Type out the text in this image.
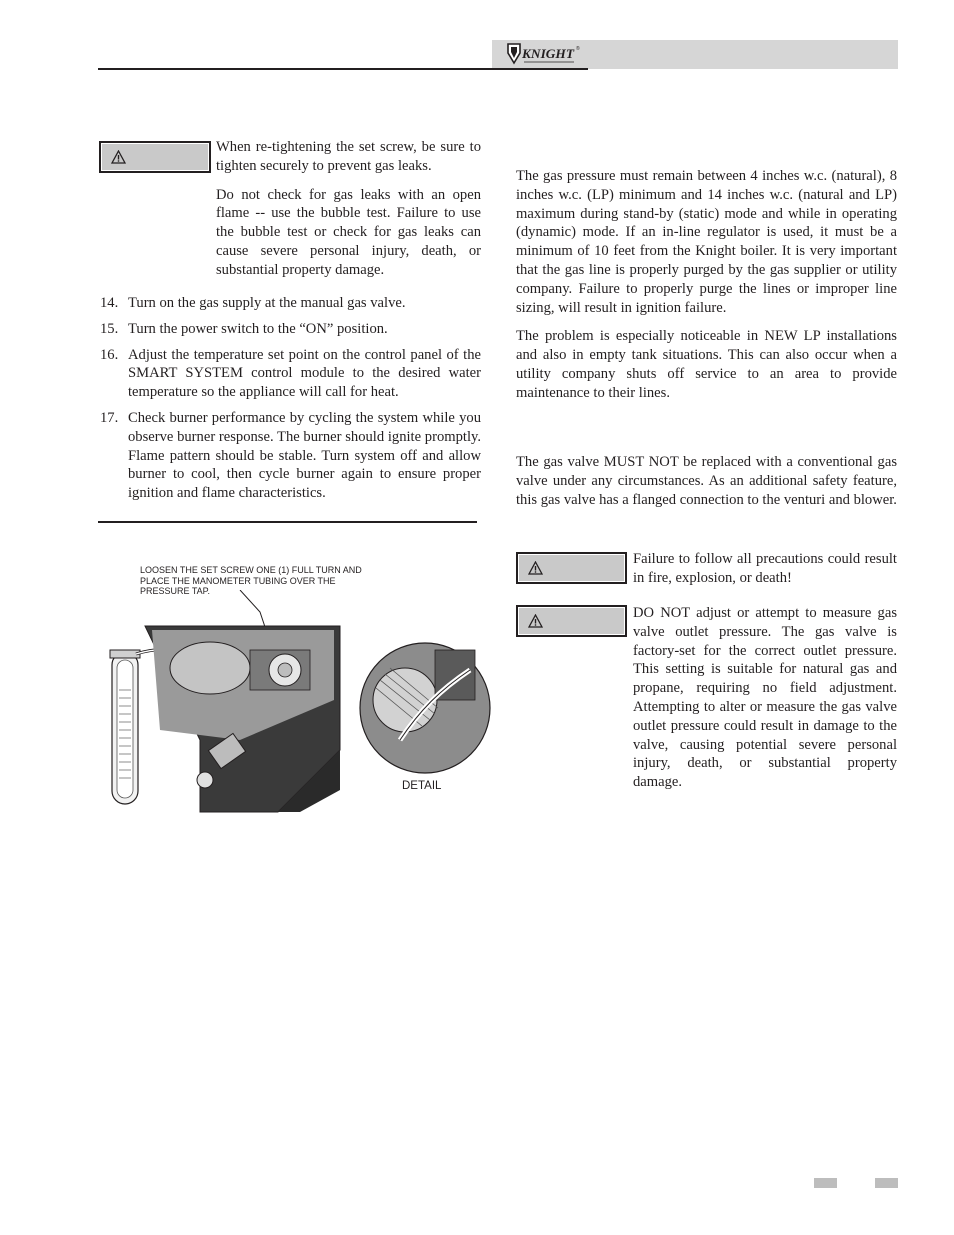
KNIGHT ®

When re-tightening the set screw, be sure to tighten securely to prevent gas leaks.

Do not check for gas leaks with an open flame -- use the bubble test. Failure to use the bubble test or check for gas leaks can cause severe personal injury, death, or substantial property damage.

14. Turn on the gas supply at the manual gas valve.
15. Turn the power switch to the “ON” position.
16. Adjust the temperature set point on the control panel of the SMART SYSTEM control module to the desired water temperature so the appliance will call for heat.
17. Check burner performance by cycling the system while you observe burner response. The burner should ignite promptly. Flame pattern should be stable. Turn system off and allow burner to cool, then cycle burner again to ensure proper ignition and flame characteristics.
LOOSEN THE SET SCREW ONE (1) FULL TURN AND PLACE THE MANOMETER TUBING OVER THE PRESSURE TAP.
DETAIL

The gas pressure must remain between 4 inches w.c. (natural), 8 inches w.c. (LP) minimum and 14 inches w.c. (natural and LP) maximum during stand-by (static) mode and while in operating (dynamic) mode. If an in-line regulator is used, it must be a minimum of 10 feet from the Knight boiler. It is very important that the gas line is properly purged by the gas supplier or utility company. Failure to properly purge the lines or improper line sizing, will result in ignition failure.

The problem is especially noticeable in NEW LP installations and also in empty tank situations. This can also occur when a utility company shuts off service to an area to provide maintenance to their lines.

The gas valve MUST NOT be replaced with a conventional gas valve under any circumstances. As an additional safety feature, this gas valve has a flanged connection to the venturi and blower.
Failure to follow all precautions could result in fire, explosion, or death!
DO NOT adjust or attempt to measure gas valve outlet pressure. The gas valve is factory-set for the correct outlet pressure. This setting is suitable for natural gas and propane, requiring no field adjustment. Attempting to alter or measure the gas valve outlet pressure could result in damage to the valve, causing potential severe personal injury, death, or substantial property damage.
